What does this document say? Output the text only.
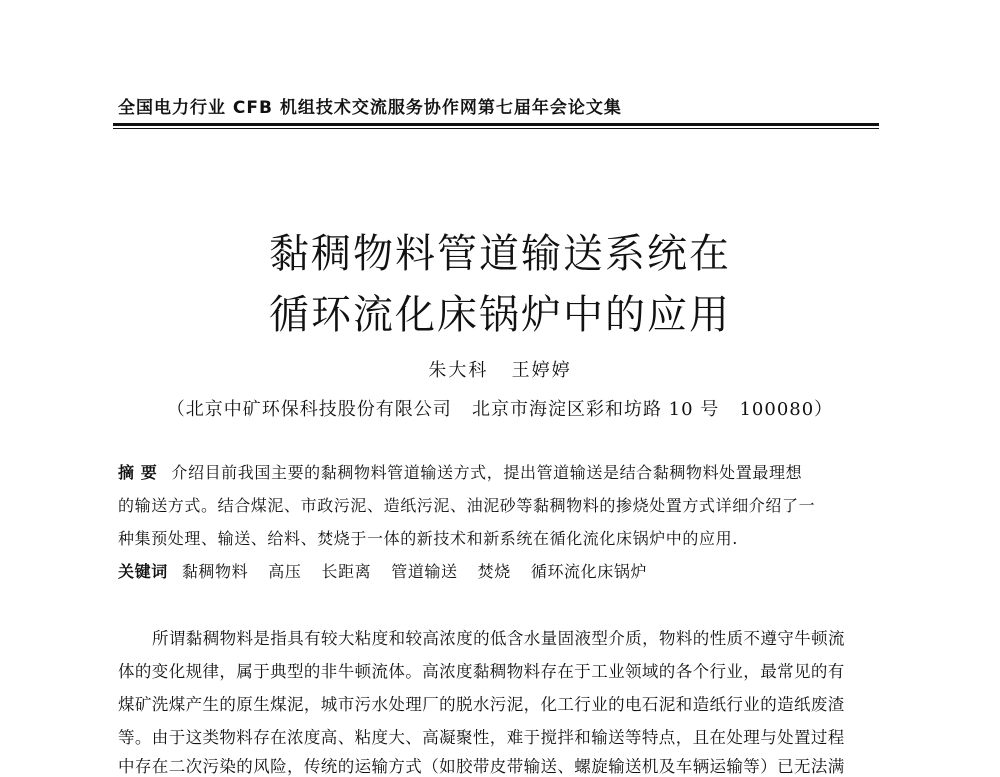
全国电力行业 CFB 机组技术交流服务协作网第七届年会论文集
黏稠物料管道输送系统在
循环流化床锅炉中的应用
朱大科   王婷婷
（北京中矿环保科技股份有限公司   北京市海淀区彩和坊路 10 号   100080）
摘 要 介绍目前我国主要的黏稠物料管道输送方式，提出管道输送是结合黏稠物料处置最理想
的输送方式。结合煤泥、市政污泥、造纸污泥、油泥砂等黏稠物料的掺烧处置方式详细介绍了一
种集预处理、输送、给料、焚烧于一体的新技术和新系统在循化流化床锅炉中的应用.
关键词 黏稠物料 高压 长距离 管道输送 焚烧 循环流化床锅炉
所谓黏稠物料是指具有较大粘度和较高浓度的低含水量固液型介质，物料的性质不遵守牛顿流
体的变化规律，属于典型的非牛顿流体。高浓度黏稠物料存在于工业领域的各个行业，最常见的有
煤矿洗煤产生的原生煤泥，城市污水处理厂的脱水污泥，化工行业的电石泥和造纸行业的造纸废渣
等。由于这类物料存在浓度高、粘度大、高凝聚性，难于搅拌和输送等特点，且在处理与处置过程
中存在二次污染的风险，传统的运输方式（如胶带皮带输送、螺旋输送机及车辆运输等）已无法满
